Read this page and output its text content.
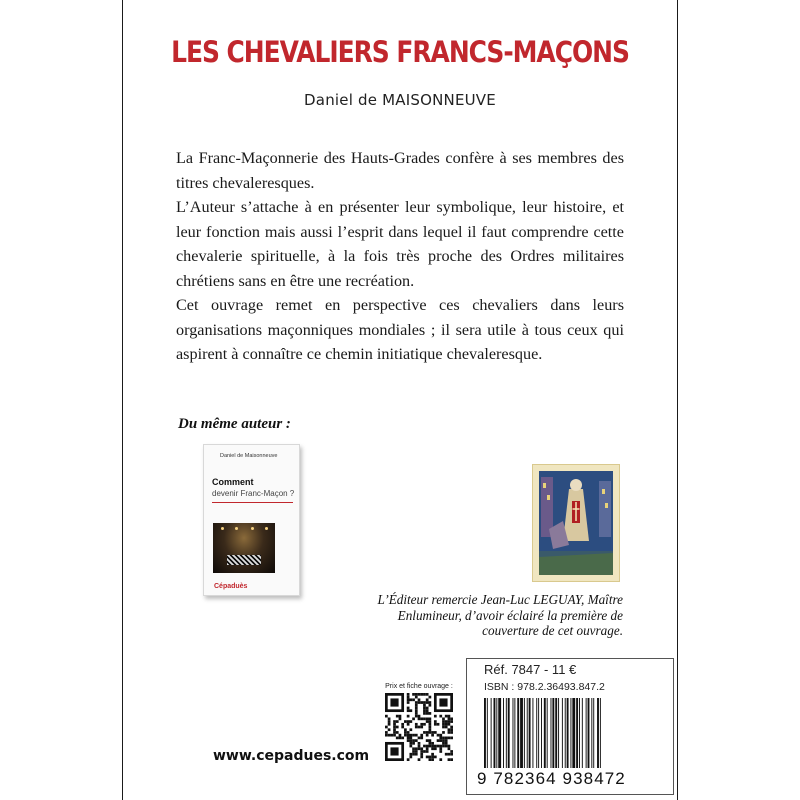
LES CHEVALIERS FRANCS-MAÇONS
Daniel de MAISONNEUVE

La Franc-Maçonnerie des Hauts-Grades confère à ses membres des titres chevaleresques.

L’Auteur s’attache à en présenter leur symbolique, leur histoire, et leur fonction mais aussi l’esprit dans lequel il faut comprendre cette chevalerie spirituelle, à la fois très proche des Ordres militaires chrétiens sans en être une recréation.

Cet ouvrage remet en perspective ces chevaliers dans leurs organisations maçonniques mondiales ; il sera utile à tous ceux qui aspirent à connaître ce chemin initiatique chevaleresque.

Du même auteur :
Daniel de Maisonneuve
Comment
devenir Franc-Maçon ?
Cépaduès
L’Éditeur remercie Jean-Luc LEGUAY, Maître Enlumineur, d’avoir éclairé la première de couverture de cet ouvrage.
Prix et fiche ouvrage :
www.cepadues.com
Réf. 7847 - 11 €
ISBN : 978.2.36493.847.2
9 782364 938472
